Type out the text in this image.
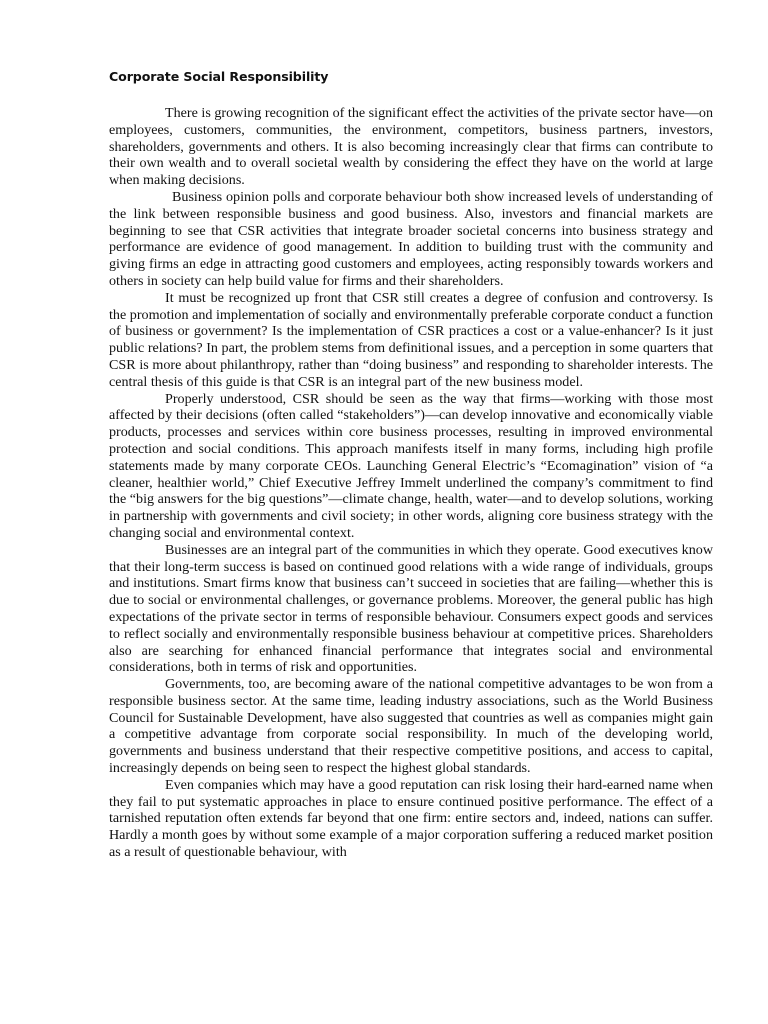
Corporate Social Responsibility

There is growing recognition of the significant effect the activities of the private sector have—on employees, customers, communities, the environment, competitors, business partners, investors, shareholders, governments and others. It is also becoming increasingly clear that firms can contribute to their own wealth and to overall societal wealth by considering the effect they have on the world at large when making decisions.

Business opinion polls and corporate behaviour both show increased levels of understanding of the link between responsible business and good business. Also, investors and financial markets are beginning to see that CSR activities that integrate broader societal concerns into business strategy and performance are evidence of good management. In addition to building trust with the community and giving firms an edge in attracting good customers and employees, acting responsibly towards workers and others in society can help build value for firms and their shareholders.

It must be recognized up front that CSR still creates a degree of confusion and controversy. Is the promotion and implementation of socially and environmentally preferable corporate conduct a function of business or government? Is the implementation of CSR practices a cost or a value-enhancer? Is it just public relations? In part, the problem stems from definitional issues, and a perception in some quarters that CSR is more about philanthropy, rather than “doing business” and responding to shareholder interests. The central thesis of this guide is that CSR is an integral part of the new business model.

Properly understood, CSR should be seen as the way that firms—working with those most affected by their decisions (often called “stakeholders”)—can develop innovative and economically viable products, processes and services within core business processes, resulting in improved environmental protection and social conditions. This approach manifests itself in many forms, including high profile statements made by many corporate CEOs. Launching General Electric’s “Ecomagination” vision of “a cleaner, healthier world,” Chief Executive Jeffrey Immelt underlined the company’s commitment to find the “big answers for the big questions”—climate change, health, water—and to develop solutions, working in partnership with governments and civil society; in other words, aligning core business strategy with the changing social and environmental context.

Businesses are an integral part of the communities in which they operate. Good executives know that their long-term success is based on continued good relations with a wide range of individuals, groups and institutions. Smart firms know that business can’t succeed in societies that are failing—whether this is due to social or environmental challenges, or governance problems. Moreover, the general public has high expectations of the private sector in terms of responsible behaviour. Consumers expect goods and services to reflect socially and environmentally responsible business behaviour at competitive prices. Shareholders also are searching for enhanced financial performance that integrates social and environmental considerations, both in terms of risk and opportunities.

Governments, too, are becoming aware of the national competitive advantages to be won from a responsible business sector. At the same time, leading industry associations, such as the World Business Council for Sustainable Development, have also suggested that countries as well as companies might gain a competitive advantage from corporate social responsibility. In much of the developing world, governments and business understand that their respective competitive positions, and access to capital, increasingly depends on being seen to respect the highest global standards.

Even companies which may have a good reputation can risk losing their hard-earned name when they fail to put systematic approaches in place to ensure continued positive performance. The effect of a tarnished reputation often extends far beyond that one firm: entire sectors and, indeed, nations can suffer. Hardly a month goes by without some example of a major corporation suffering a reduced market position as a result of questionable behaviour, with
